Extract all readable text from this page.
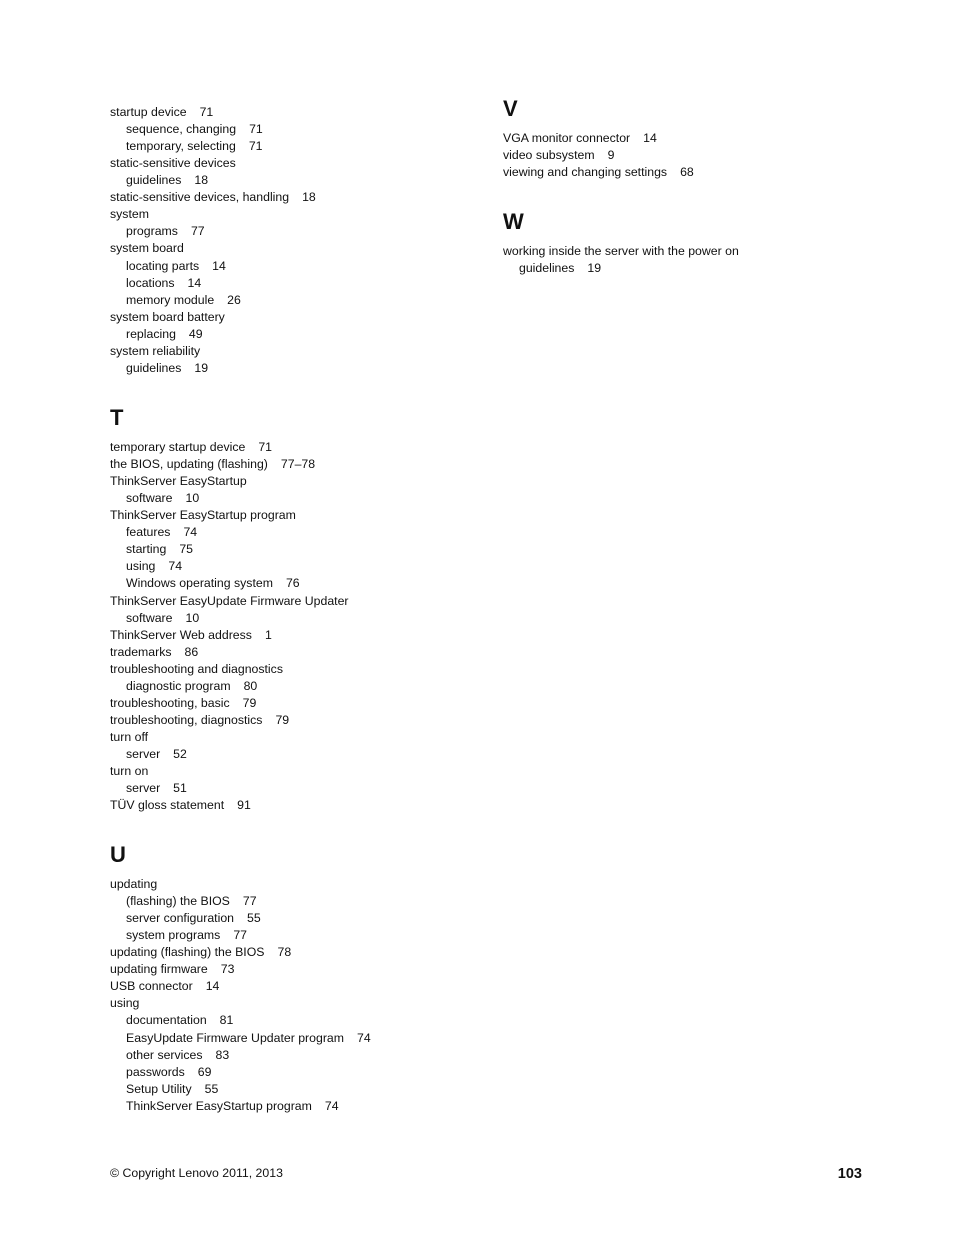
startup device 71
sequence, changing 71
temporary, selecting 71
static-sensitive devices
guidelines 18
static-sensitive devices, handling 18
system
programs 77
system board
locating parts 14
locations 14
memory module 26
system board battery
replacing 49
system reliability
guidelines 19
T
temporary startup device 71
the BIOS, updating (flashing) 77–78
ThinkServer EasyStartup
software 10
ThinkServer EasyStartup program
features 74
starting 75
using 74
Windows operating system 76
ThinkServer EasyUpdate Firmware Updater
software 10
ThinkServer Web address 1
trademarks 86
troubleshooting and diagnostics
diagnostic program 80
troubleshooting, basic 79
troubleshooting, diagnostics 79
turn off
server 52
turn on
server 51
TÜV gloss statement 91
U
updating
(flashing) the BIOS 77
server configuration 55
system programs 77
updating (flashing) the BIOS 78
updating firmware 73
USB connector 14
using
documentation 81
EasyUpdate Firmware Updater program 74
other services 83
passwords 69
Setup Utility 55
ThinkServer EasyStartup program 74
V
VGA monitor connector 14
video subsystem 9
viewing and changing settings 68
W
working inside the server with the power on
guidelines 19
© Copyright Lenovo 2011, 2013	103
